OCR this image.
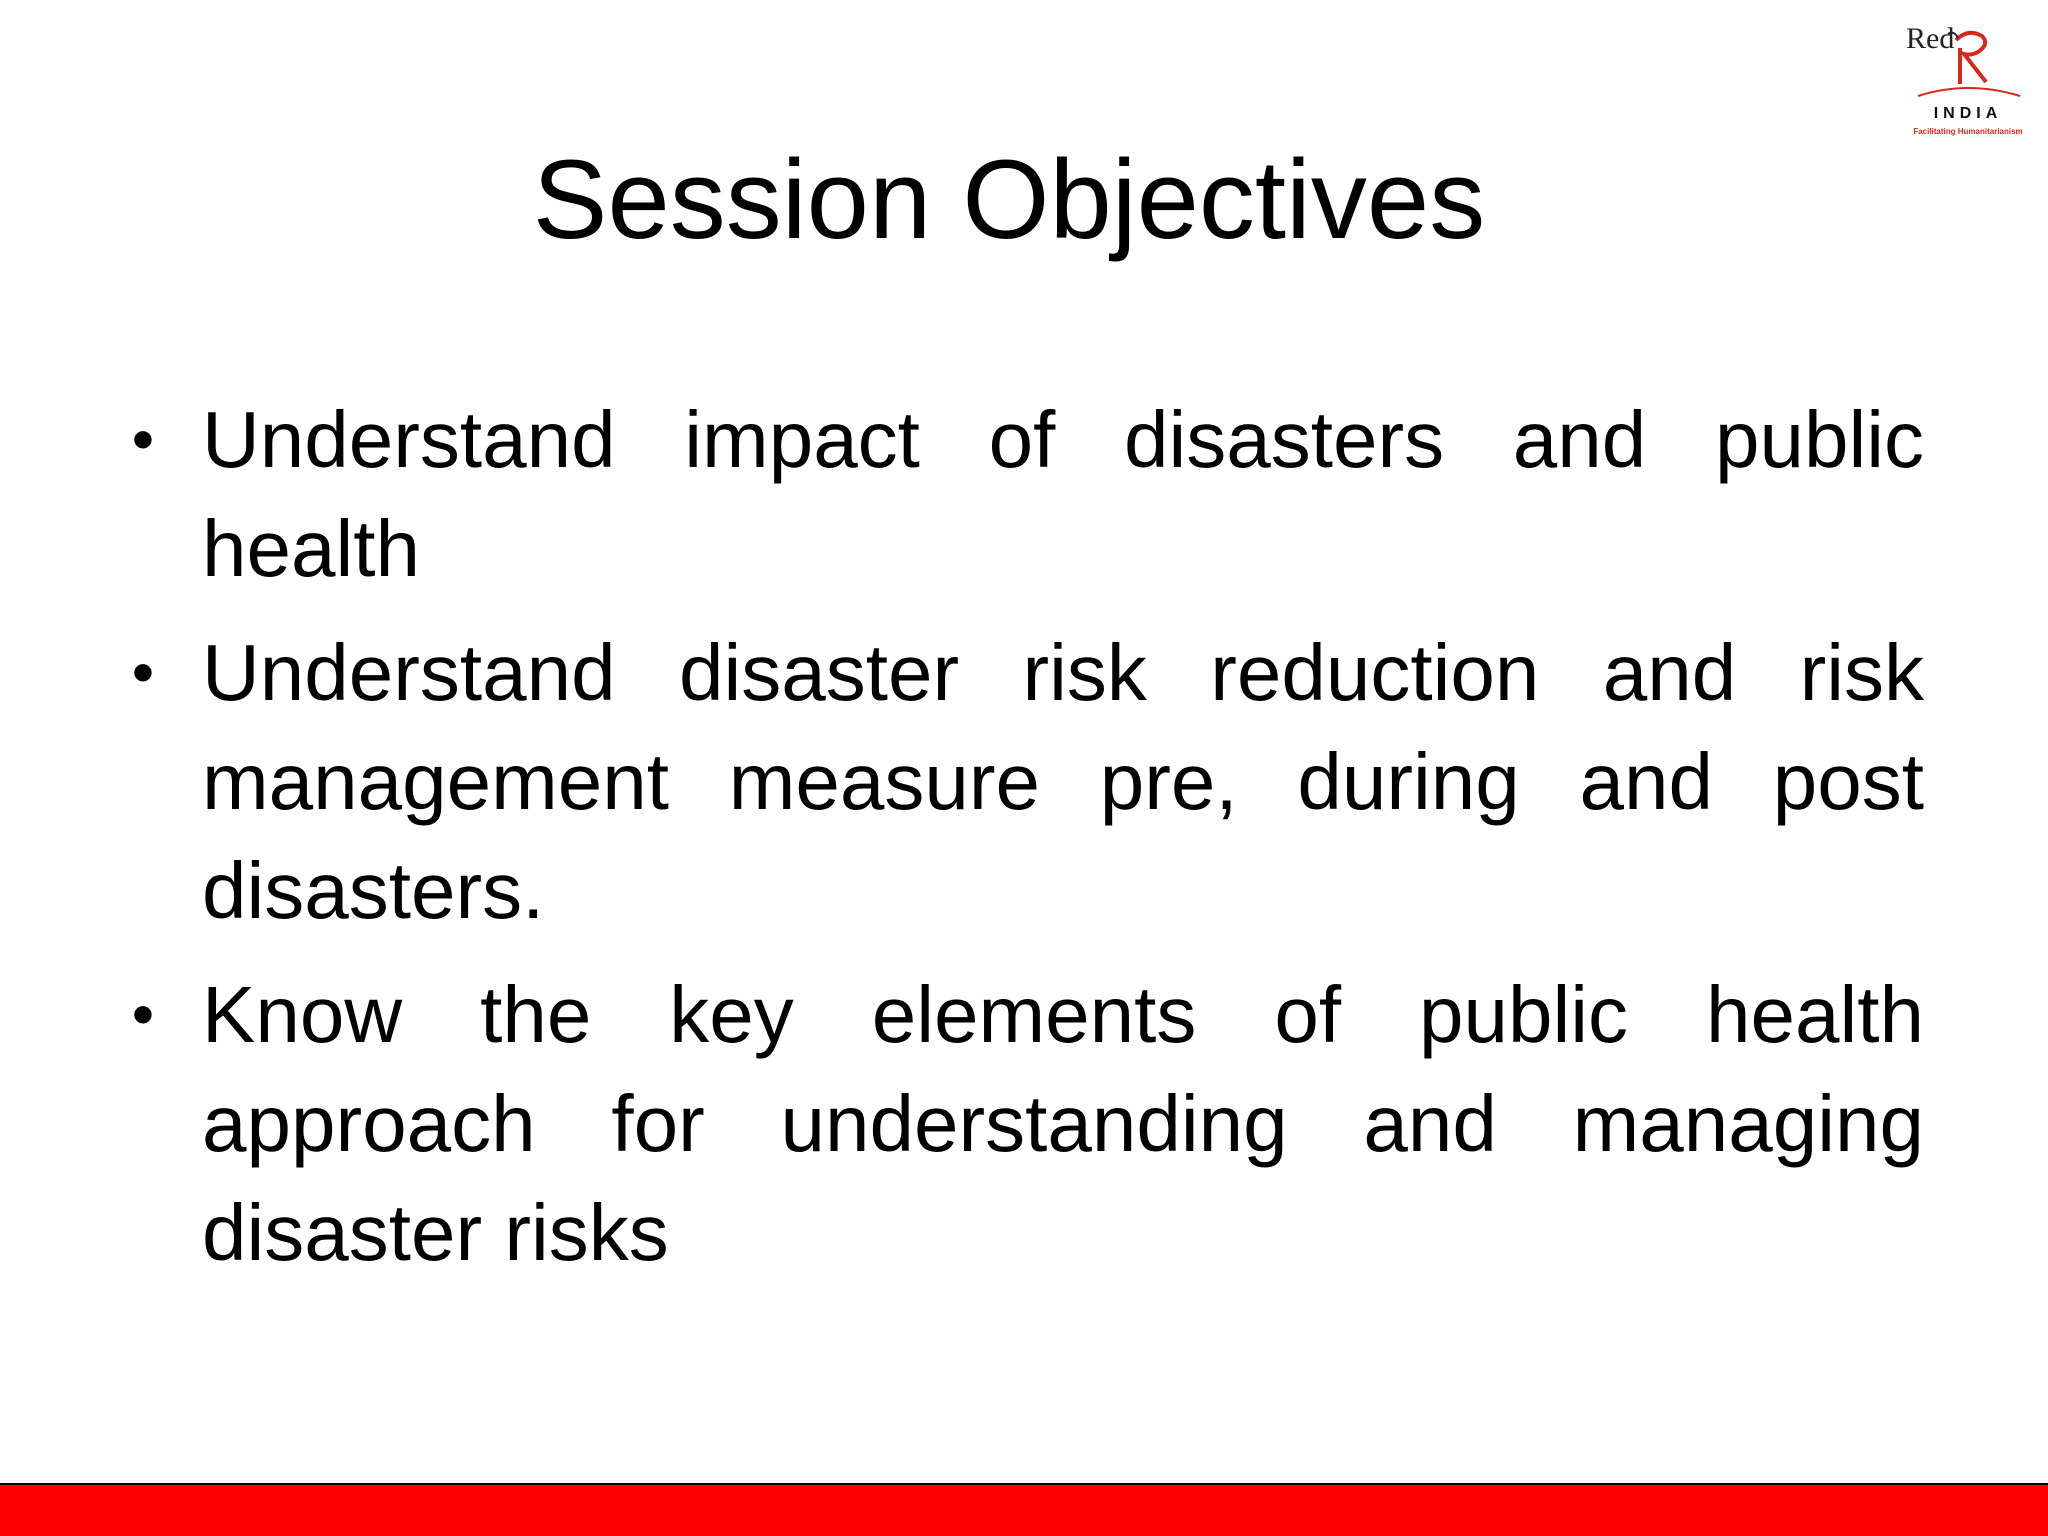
Red
INDIA
Facilitating Humanitarianism
Session Objectives
• Understand impact of disasters and public health
• Understand disaster risk reduction and risk management measure pre, during and post disasters.
• Know the key elements of public health approach for understanding and managing disaster risks
